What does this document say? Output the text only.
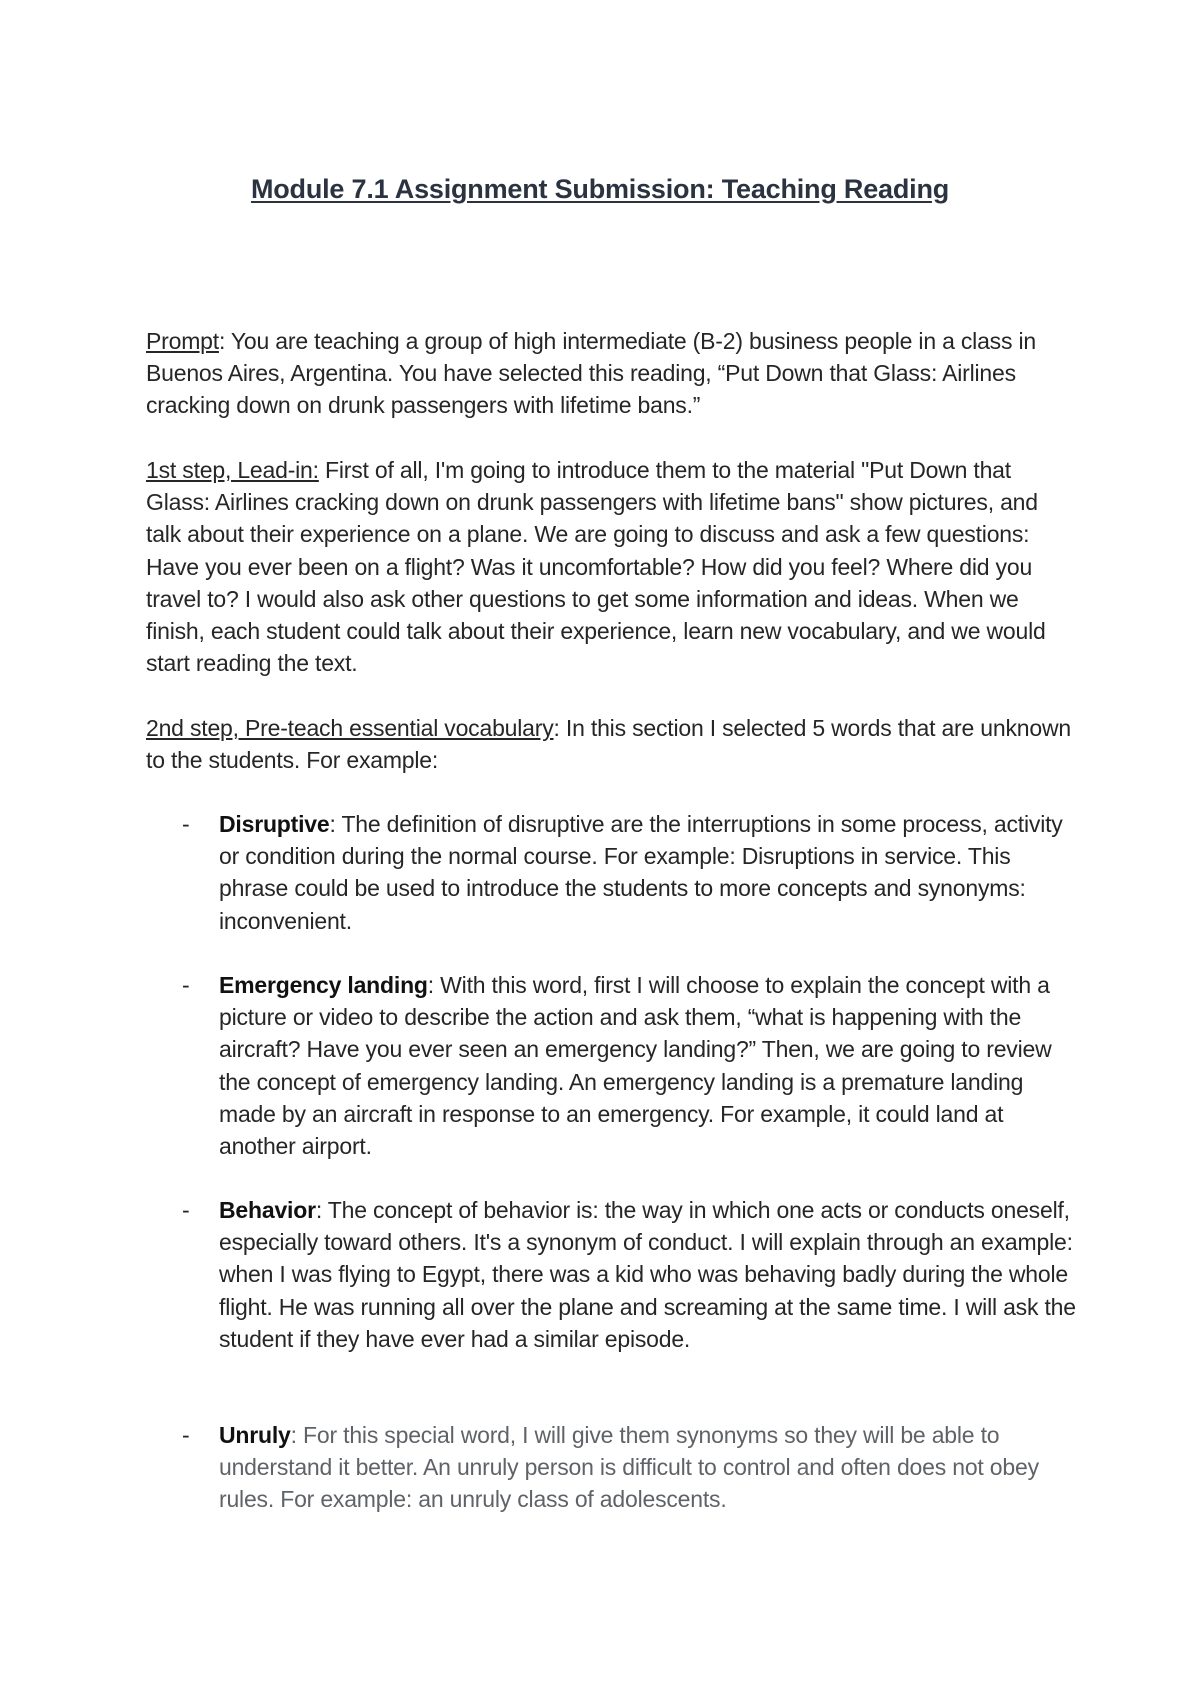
Module 7.1 Assignment Submission: Teaching Reading
Prompt: You are teaching a group of high intermediate (B-2) business people in a class in Buenos Aires, Argentina. You have selected this reading, “Put Down that Glass: Airlines cracking down on drunk passengers with lifetime bans.”
1st step, Lead-in: First of all, I'm going to introduce them to the material "Put Down that Glass: Airlines cracking down on drunk passengers with lifetime bans" show pictures, and talk about their experience on a plane. We are going to discuss and ask a few questions: Have you ever been on a flight? Was it uncomfortable? How did you feel? Where did you travel to? I would also ask other questions to get some information and ideas. When we finish, each student could talk about their experience, learn new vocabulary, and we would start reading the text.
2nd step, Pre-teach essential vocabulary: In this section I selected 5 words that are unknown to the students. For example:
- Disruptive: The definition of disruptive are the interruptions in some process, activity or condition during the normal course. For example: Disruptions in service. This phrase could be used to introduce the students to more concepts and synonyms: inconvenient.
- Emergency landing: With this word, first I will choose to explain the concept with a picture or video to describe the action and ask them, “what is happening with the aircraft? Have you ever seen an emergency landing?” Then, we are going to review the concept of emergency landing. An emergency landing is a premature landing made by an aircraft in response to an emergency. For example, it could land at another airport.
- Behavior: The concept of behavior is: the way in which one acts or conducts oneself, especially toward others. It's a synonym of conduct. I will explain through an example: when I was flying to Egypt, there was a kid who was behaving badly during the whole flight. He was running all over the plane and screaming at the same time. I will ask the student if they have ever had a similar episode.
- Unruly: For this special word, I will give them synonyms so they will be able to understand it better. An unruly person is difficult to control and often does not obey rules. For example: an unruly class of adolescents.
